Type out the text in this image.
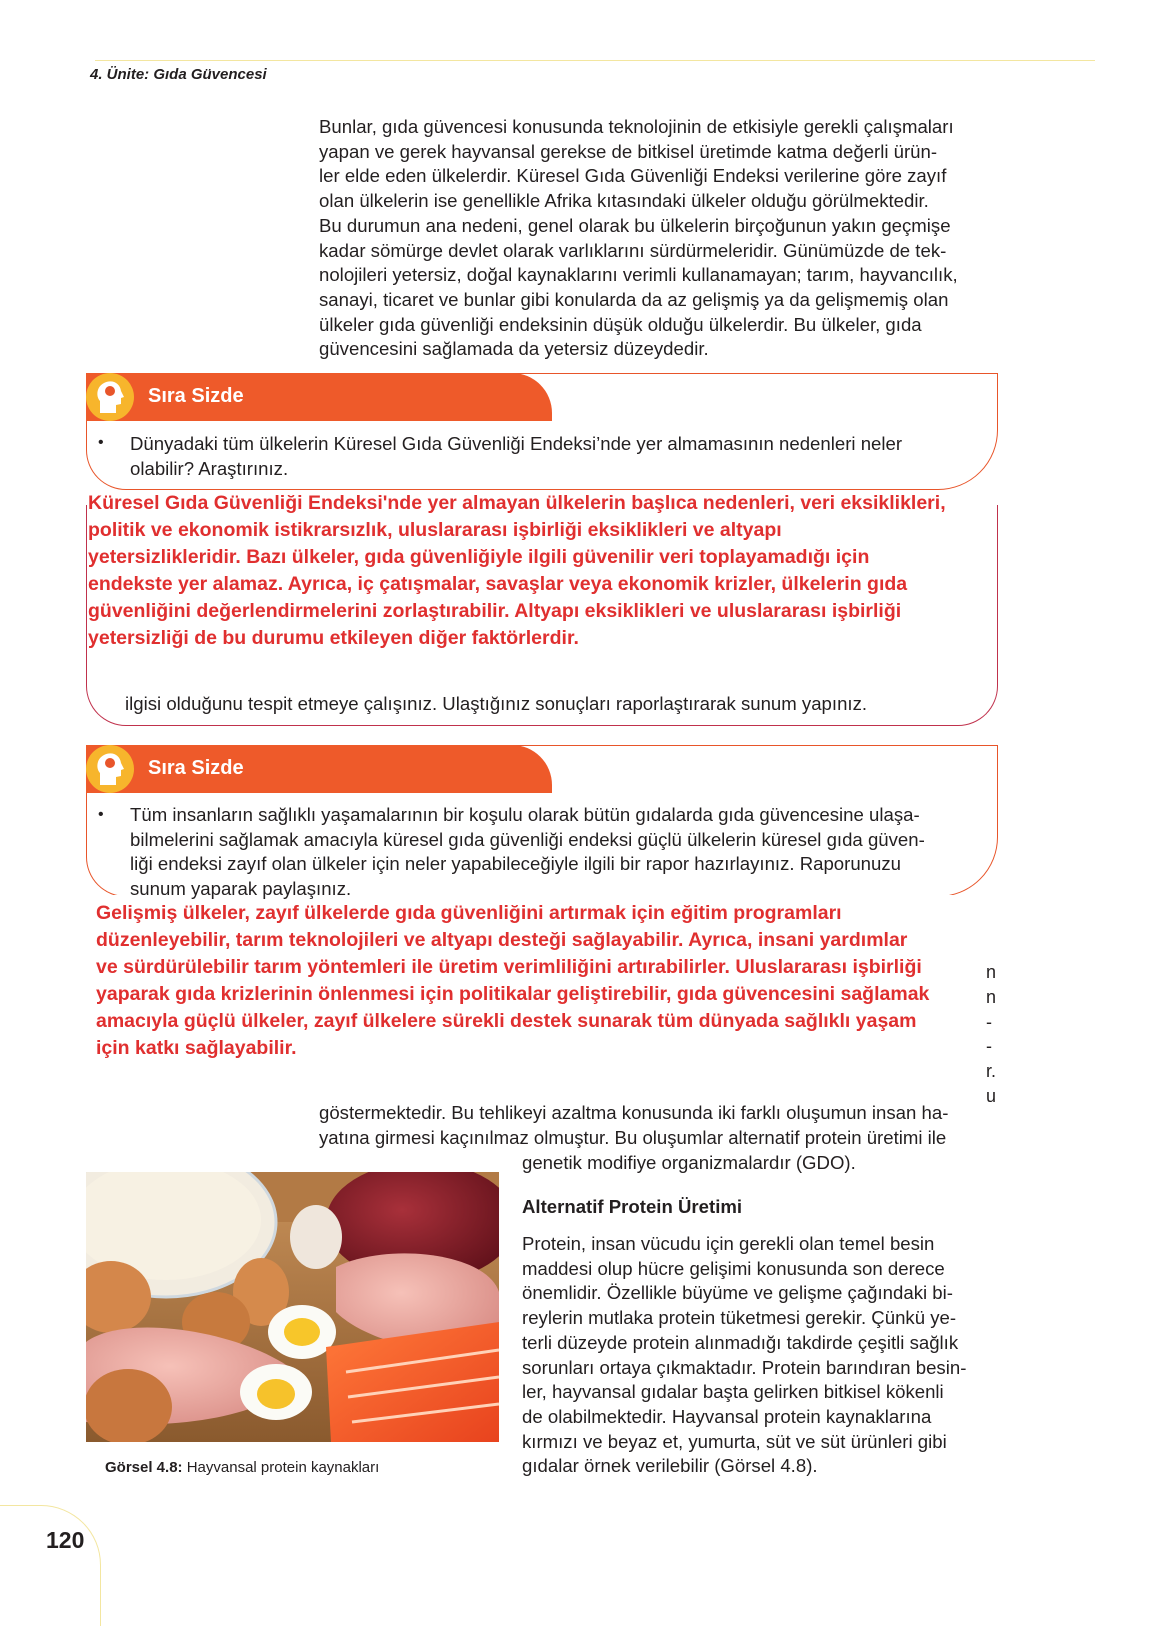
4. Ünite: Gıda Güvencesi
Bunlar, gıda güvencesi konusunda teknolojinin de etkisiyle gerekli çalışmaları
yapan ve gerek hayvansal gerekse de bitkisel üretimde katma değerli ürün-
ler elde eden ülkelerdir. Küresel Gıda Güvenliği Endeksi verilerine göre zayıf
olan ülkelerin ise genellikle Afrika kıtasındaki ülkeler olduğu görülmektedir.
Bu durumun ana nedeni, genel olarak bu ülkelerin birçoğunun yakın geçmişe
kadar sömürge devlet olarak varlıklarını sürdürmeleridir. Günümüzde de tek-
nolojileri yetersiz, doğal kaynaklarını verimli kullanamayan; tarım, hayvancılık,
sanayi, ticaret ve bunlar gibi konularda da az gelişmiş ya da gelişmemiş olan
ülkeler gıda güvenliği endeksinin düşük olduğu ülkelerdir. Bu ülkeler, gıda
güvencesini sağlamada da yetersiz düzeydedir.
Sıra Sizde
• Dünyadaki tüm ülkelerin Küresel Gıda Güvenliği Endeksi’nde yer almamasının nedenleri neler
olabilir? Araştırınız.
Küresel Gıda Güvenliği Endeksi'nde yer almayan ülkelerin başlıca nedenleri, veri eksiklikleri,
politik ve ekonomik istikrarsızlık, uluslararası işbirliği eksiklikleri ve altyapı
yetersizlikleridir. Bazı ülkeler, gıda güvenliğiyle ilgili güvenilir veri toplayamadığı için
endekste yer alamaz. Ayrıca, iç çatışmalar, savaşlar veya ekonomik krizler, ülkelerin gıda
güvenliğini değerlendirmelerini zorlaştırabilir. Altyapı eksiklikleri ve uluslararası işbirliği
yetersizliği de bu durumu etkileyen diğer faktörlerdir.
ilgisi olduğunu tespit etmeye çalışınız. Ulaştığınız sonuçları raporlaştırarak sunum yapınız.
Sıra Sizde
• Tüm insanların sağlıklı yaşamalarının bir koşulu olarak bütün gıdalarda gıda güvencesine ulaşa-
bilmelerini sağlamak amacıyla küresel gıda güvenliği endeksi güçlü ülkelerin küresel gıda güven-
liği endeksi zayıf olan ülkeler için neler yapabileceğiyle ilgili bir rapor hazırlayınız. Raporunuzu
sunum yaparak paylaşınız.
Gelişmiş ülkeler, zayıf ülkelerde gıda güvenliğini artırmak için eğitim programları
düzenleyebilir, tarım teknolojileri ve altyapı desteği sağlayabilir. Ayrıca, insani yardımlar
ve sürdürülebilir tarım yöntemleri ile üretim verimliliğini artırabilirler. Uluslararası işbirliği
yaparak gıda krizlerinin önlenmesi için politikalar geliştirebilir, gıda güvencesini sağlamak
amacıyla güçlü ülkeler, zayıf ülkelere sürekli destek sunarak tüm dünyada sağlıklı yaşam
için katkı sağlayabilir.
n
n
-
-
r.
u
göstermektedir. Bu tehlikeyi azaltma konusunda iki farklı oluşumun insan ha-
yatına girmesi kaçınılmaz olmuştur. Bu oluşumlar alternatif protein üretimi ile
genetik modifiye organizmalardır (GDO).
Görsel 4.8: Hayvansal protein kaynakları
Alternatif Protein Üretimi
Protein, insan vücudu için gerekli olan temel besin
maddesi olup hücre gelişimi konusunda son derece
önemlidir. Özellikle büyüme ve gelişme çağındaki bi-
reylerin mutlaka protein tüketmesi gerekir. Çünkü ye-
terli düzeyde protein alınmadığı takdirde çeşitli sağlık
sorunları ortaya çıkmaktadır. Protein barındıran besin-
ler, hayvansal gıdalar başta gelirken bitkisel kökenli
de olabilmektedir. Hayvansal protein kaynaklarına
kırmızı ve beyaz et, yumurta, süt ve süt ürünleri gibi
gıdalar örnek verilebilir (Görsel 4.8).
120
